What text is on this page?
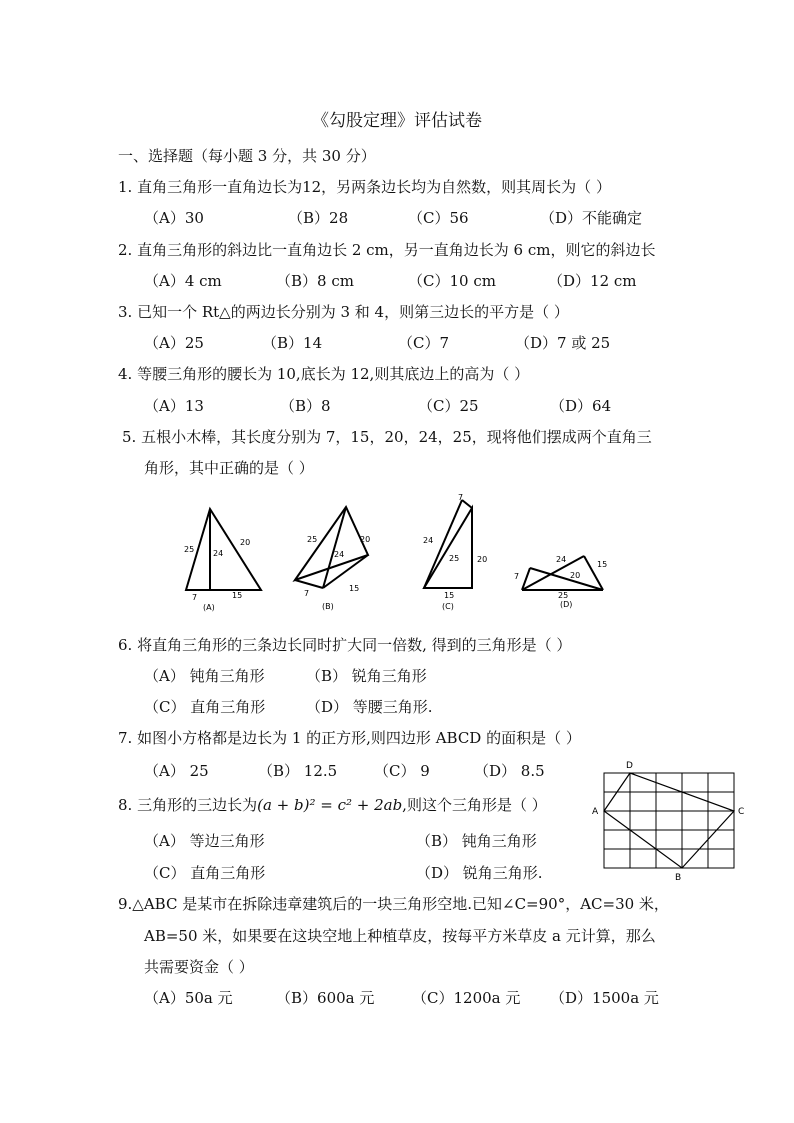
《勾股定理》评估试卷
一、选择题（每小题 3 分，共 30 分）
1. 直角三角形一直角边长为12，另两条边长均为自然数，则其周长为（ ）
（A）30	（B）28	（C）56	（D）不能确定
2. 直角三角形的斜边比一直角边长 2 cm，另一直角边长为 6 cm，则它的斜边长
（A）4 cm	（B）8 cm	（C）10 cm	（D）12 cm
3. 已知一个 Rt△的两边长分别为 3 和 4，则第三边长的平方是（ ）
（A）25	（B）14	（C）7	（D）7 或 25
4. 等腰三角形的腰长为 10,底长为 12,则其底边上的高为（ ）
（A）13	（B）8	（C）25	（D）64
5. 五根小木棒，其长度分别为 7，15，20，24，25，现将他们摆成两个直角三
角形，其中正确的是（ ）
25 24
20
7	15
(A)
25
24
20
7
15
(B)
7
24
25 20
15
(C)
24
15
7	20
25
(D)
6. 将直角三角形的三条边长同时扩大同一倍数, 得到的三角形是（ ）
（A） 钝角三角形	（B） 锐角三角形
（C） 直角三角形	（D） 等腰三角形.
7. 如图小方格都是边长为 1 的正方形,则四边形 ABCD 的面积是（ ）
（A） 25	（B） 12.5 （C） 9	（D） 8.5	D
A	C
B
8. 三角形的三边长为(a + b)² = c² + 2ab,则这个三角形是（ ）
（A） 等边三角形	（B） 钝角三角形
（C） 直角三角形	（D） 锐角三角形.
9.△ABC 是某市在拆除违章建筑后的一块三角形空地.已知∠C=90°，AC=30 米，
AB=50 米，如果要在这块空地上种植草皮，按每平方米草皮 a 元计算，那么
共需要资金（ ）
（A）50a 元	（B）600a 元	（C）1200a 元 （D）1500a 元
